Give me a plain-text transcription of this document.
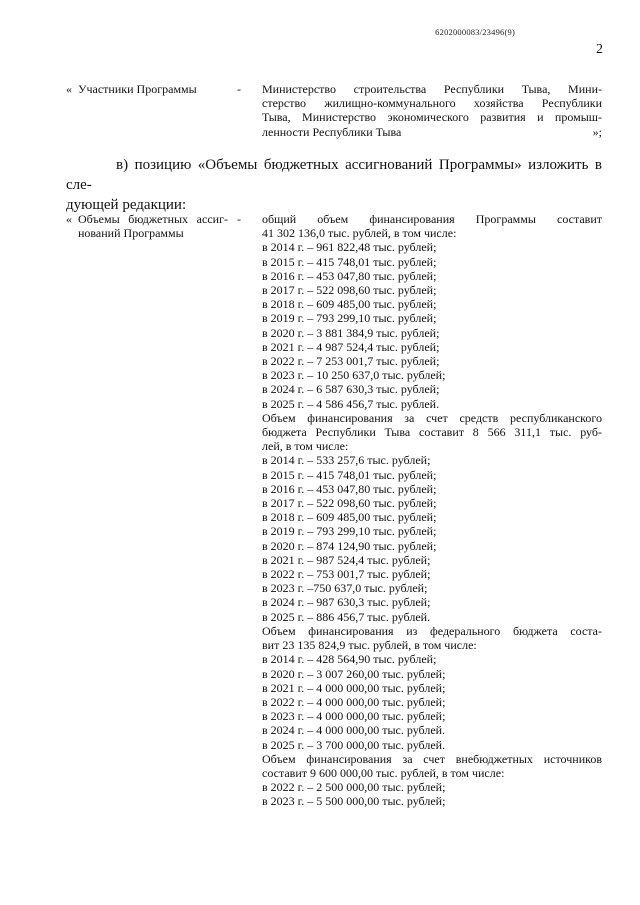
6202000083/23496(9)
2
« Участники Программы	- Министерство строительства Республики Тыва, Мини-
стерство жилищно-коммунального хозяйства Республики
Тыва, Министерство экономического развития и промыш-
ленности Республики Тыва	»;
в) позицию «Объемы бюджетных ассигнований Программы» изложить в сле-
дующей редакции:
« Объемы бюджетных ассиг-
нований Программы
- общий объем финансирования Программы составит
41 302 136,0 тыс. рублей, в том числе:
в 2014 г. – 961 822,48 тыс. рублей;
в 2015 г. – 415 748,01 тыс. рублей;
в 2016 г. – 453 047,80 тыс. рублей;
в 2017 г. – 522 098,60 тыс. рублей;
в 2018 г. – 609 485,00 тыс. рублей;
в 2019 г. – 793 299,10 тыс. рублей;
в 2020 г. – 3 881 384,9 тыс. рублей;
в 2021 г. – 4 987 524,4 тыс. рублей;
в 2022 г. – 7 253 001,7 тыс. рублей;
в 2023 г. – 10 250 637,0 тыс. рублей;
в 2024 г. – 6 587 630,3 тыс. рублей;
в 2025 г. – 4 586 456,7 тыс. рублей.
Объем финансирования за счет средств республиканского
бюджета Республики Тыва составит 8 566 311,1 тыс. руб-
лей, в том числе:
в 2014 г. – 533 257,6 тыс. рублей;
в 2015 г. – 415 748,01 тыс. рублей;
в 2016 г. – 453 047,80 тыс. рублей;
в 2017 г. – 522 098,60 тыс. рублей;
в 2018 г. – 609 485,00 тыс. рублей;
в 2019 г. – 793 299,10 тыс. рублей;
в 2020 г. – 874 124,90 тыс. рублей;
в 2021 г. – 987 524,4 тыс. рублей;
в 2022 г. – 753 001,7 тыс. рублей;
в 2023 г. –750 637,0 тыс. рублей;
в 2024 г. – 987 630,3 тыс. рублей;
в 2025 г. – 886 456,7 тыс. рублей.
Объем финансирования из федерального бюджета соста-
вит 23 135 824,9 тыс. рублей, в том числе:
в 2014 г. – 428 564,90 тыс. рублей;
в 2020 г. – 3 007 260,00 тыс. рублей;
в 2021 г. – 4 000 000,00 тыс. рублей;
в 2022 г. – 4 000 000,00 тыс. рублей;
в 2023 г. – 4 000 000,00 тыс. рублей;
в 2024 г. – 4 000 000,00 тыс. рублей.
в 2025 г. – 3 700 000,00 тыс. рублей.
Объем финансирования за счет внебюджетных источников
составит 9 600 000,00 тыс. рублей, в том числе:
в 2022 г. – 2 500 000,00 тыс. рублей;
в 2023 г. – 5 500 000,00 тыс. рублей;
